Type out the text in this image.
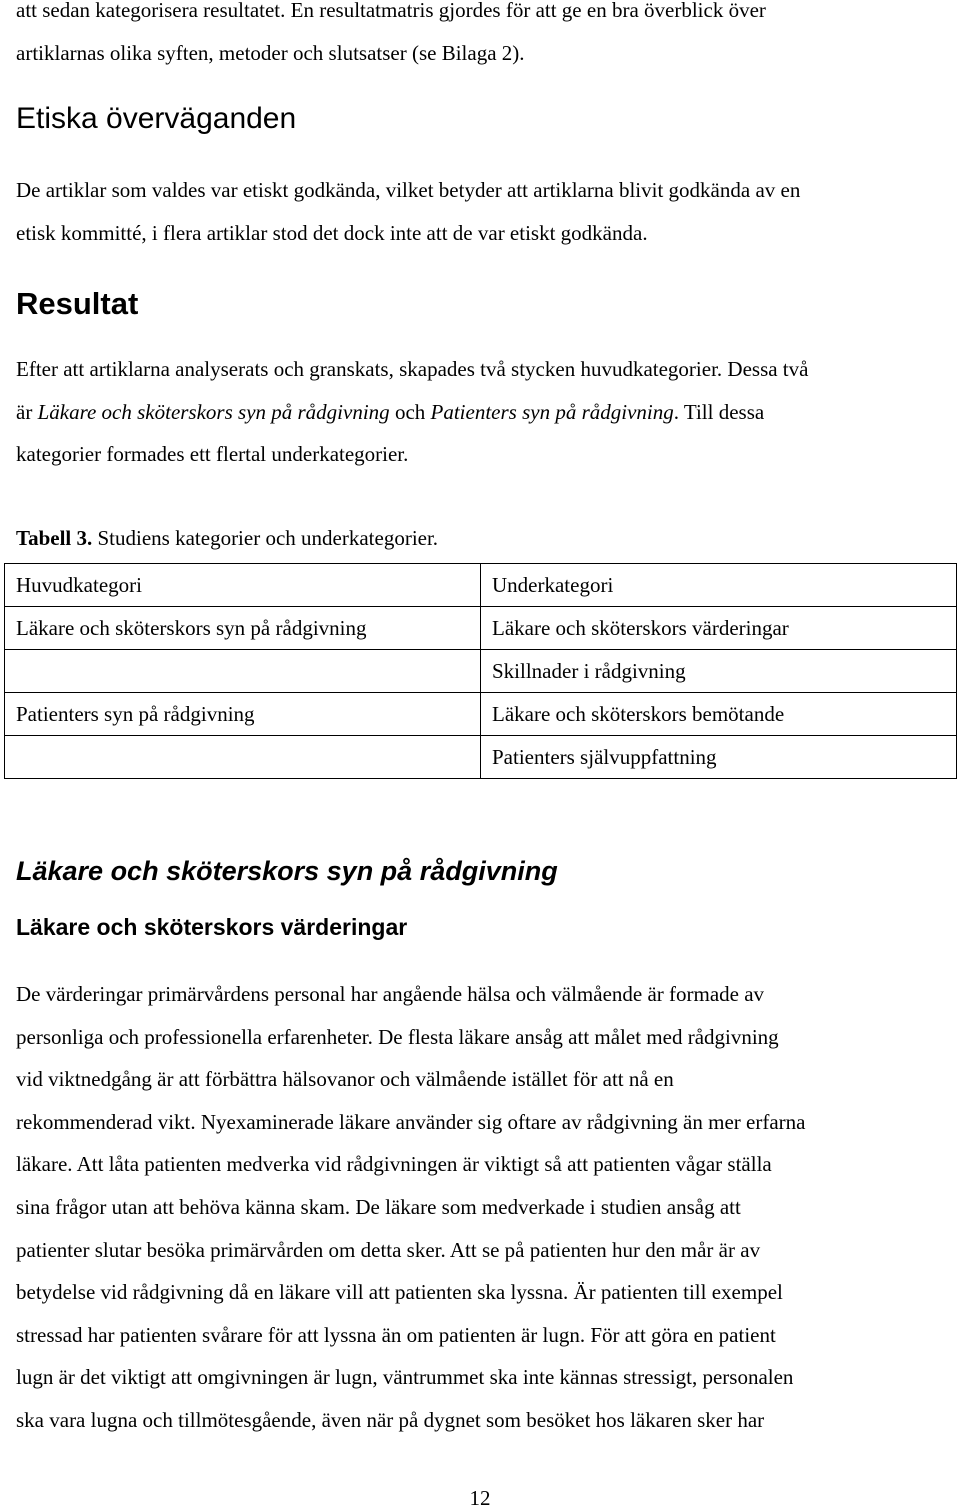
att sedan kategorisera resultatet. En resultatmatris gjordes för att ge en bra överblick över
artiklarnas olika syften, metoder och slutsatser (se Bilaga 2).
Etiska överväganden
De artiklar som valdes var etiskt godkända, vilket betyder att artiklarna blivit godkända av en
etisk kommitté, i flera artiklar stod det dock inte att de var etiskt godkända.
Resultat
Efter att artiklarna analyserats och granskats, skapades två stycken huvudkategorier. Dessa två
är Läkare och sköterskors syn på rådgivning och Patienters syn på rådgivning. Till dessa
kategorier formades ett flertal underkategorier.

Tabell 3. Studiens kategorier och underkategorier.

Huvudkategori	Underkategori
Läkare och sköterskors syn på rådgivning	Läkare och sköterskors värderingar
	Skillnader i rådgivning
Patienters syn på rådgivning	Läkare och sköterskors bemötande
	Patienters självuppfattning
Läkare och sköterskors syn på rådgivning
Läkare och sköterskors värderingar
De värderingar primärvårdens personal har angående hälsa och välmående är formade av
personliga och professionella erfarenheter. De flesta läkare ansåg att målet med rådgivning
vid viktnedgång är att förbättra hälsovanor och välmående istället för att nå en
rekommenderad vikt. Nyexaminerade läkare använder sig oftare av rådgivning än mer erfarna
läkare. Att låta patienten medverka vid rådgivningen är viktigt så att patienten vågar ställa
sina frågor utan att behöva känna skam. De läkare som medverkade i studien ansåg att
patienter slutar besöka primärvården om detta sker. Att se på patienten hur den mår är av
betydelse vid rådgivning då en läkare vill att patienten ska lyssna. Är patienten till exempel
stressad har patienten svårare för att lyssna än om patienten är lugn. För att göra en patient
lugn är det viktigt att omgivningen är lugn, väntrummet ska inte kännas stressigt, personalen
ska vara lugna och tillmötesgående, även när på dygnet som besöket hos läkaren sker har
12
